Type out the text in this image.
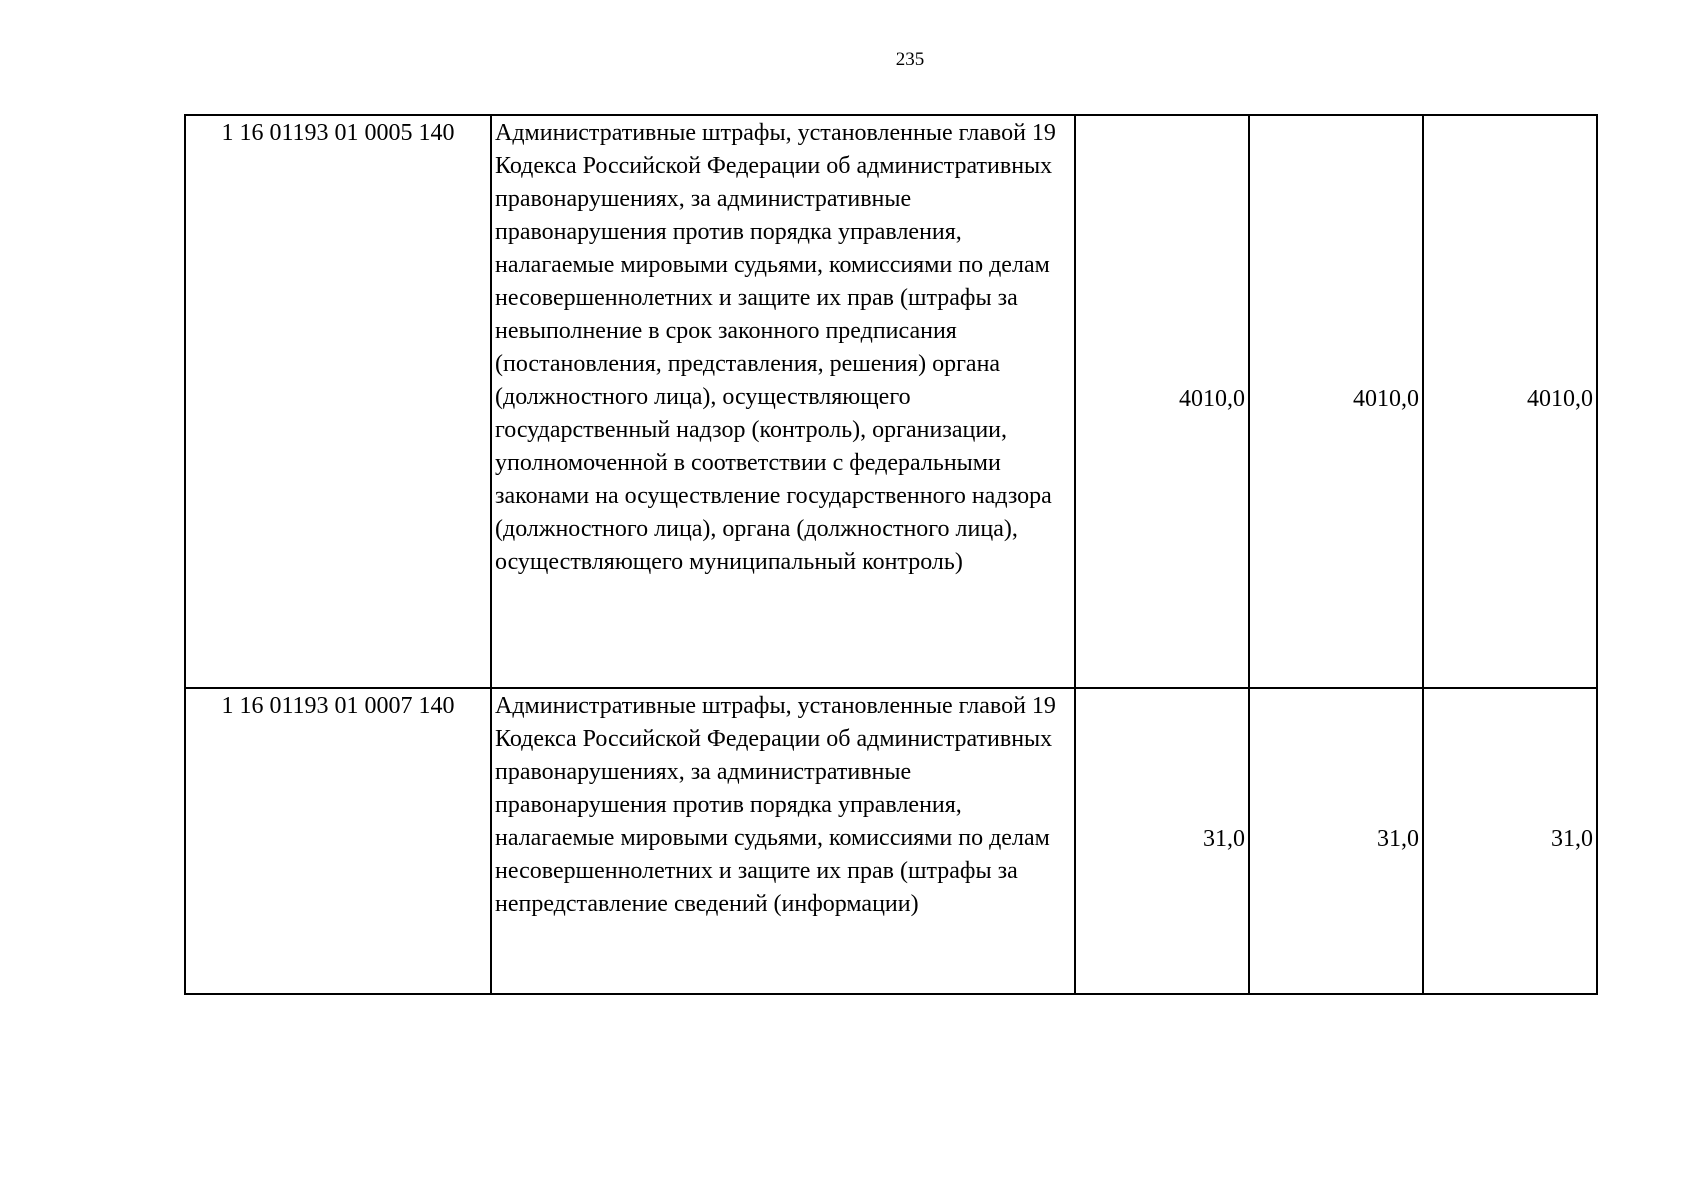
235
1 16 01193 01 0005 140	Административные штрафы, установленные главой 19 Кодекса Российской Федерации об административных правонарушениях, за административные правонарушения против порядка управления, налагаемые мировыми судьями, комиссиями по делам несовершеннолетних и защите их прав (штрафы за невыполнение в срок законного предписания (постановления, представления, решения) органа (должностного лица), осуществляющего государственный надзор (контроль), организации, уполномоченной в соответствии с федеральными законами на осуществление государственного надзора (должностного лица), органа (должностного лица), осуществляющего муниципальный контроль)	4010,0	4010,0	4010,0
1 16 01193 01 0007 140	Административные штрафы, установленные главой 19 Кодекса Российской Федерации об административных правонарушениях, за административные правонарушения против порядка управления, налагаемые мировыми судьями, комиссиями по делам несовершеннолетних и защите их прав (штрафы за непредставление сведений (информации)	31,0	31,0	31,0
